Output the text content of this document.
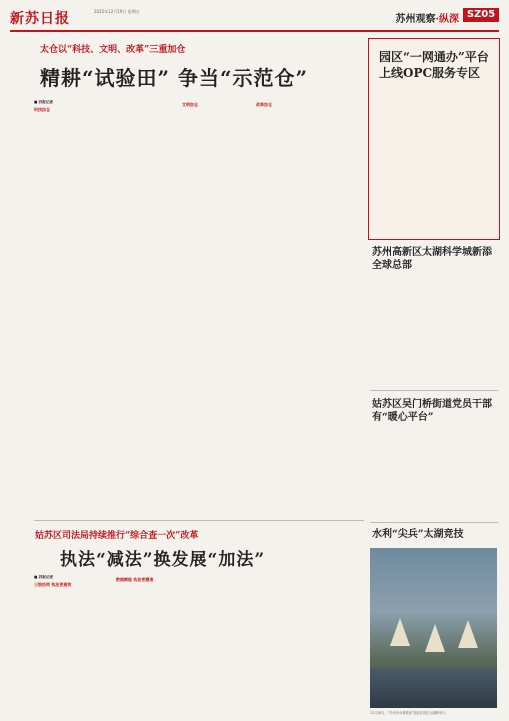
新苏日报	2025年12月19日 星期五
苏州观察·纵深 SZ05
太仓以“科技、文明、改革”三重加仓
精耕“试验田” 争当“示范仓”
■ 苏报记者
科技加仓
文明加仓	改革加仓
姑苏区司法局持续推行“综合查一次”改革
执法“减法”换发展“加法”
■ 苏报记者
三级协同 执法更高效
数据赋能 执法更精准
园区“一网通办”平台上线OPC服务专区
苏州高新区太湖科学城新添全球总部
姑苏区吴门桥街道党员干部有“暖心平台”
水利“尖兵”太湖竞技
12月18日，“苏州市水利系统”技能竞赛在太湖畔举行。
